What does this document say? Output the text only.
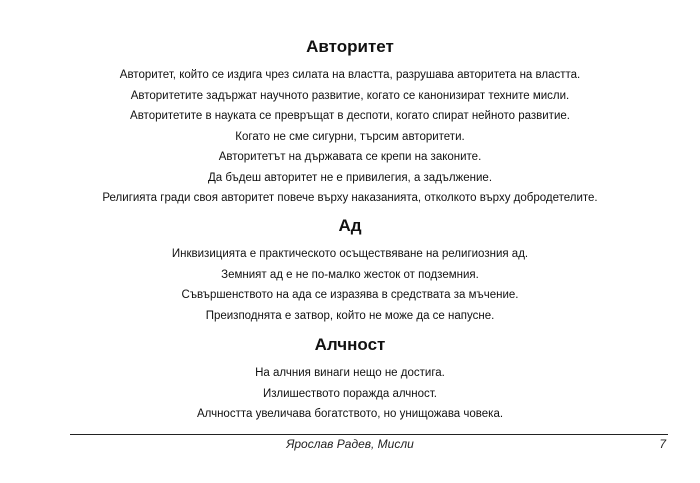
Авторитет

Авторитет, който се издига чрез силата на властта, разрушава авторитета на властта.

Авторитетите задържат научното развитие, когато се канонизират техните мисли.

Авторитетите в науката се превръщат в деспоти, когато спират нейното развитие.

Когато не сме сигурни, търсим авторитети.

Авторитетът на държавата се крепи на законите.

Да бъдеш авторитет не е привилегия, а задължение.

Религията гради своя авторитет повече върху наказанията, отколкото върху добродетелите.

Ад

Инквизицията е практическото осъществяване на религиозния ад.

Земният ад е не по-малко жесток от подземния.

Съвършенството на ада се изразява в средствата за мъчение.

Преизподнята е затвор, който не може да се напусне.

Алчност

На алчния винаги нещо не достига.

Излишеството поражда алчност.

Алчността увеличава богатството, но унищожава човека.

Ярослав Радев, Мисли	7
